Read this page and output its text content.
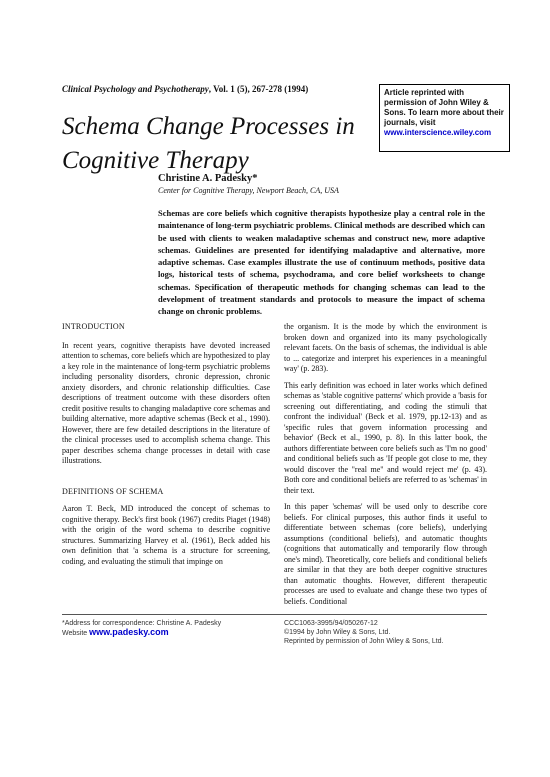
Clinical Psychology and Psychotherapy, Vol. 1 (5), 267-278 (1994)	Article reprinted with permission of John Wiley & Sons. To learn more about their journals, visit www.interscience.wiley.com
Schema Change Processes in Cognitive Therapy
Christine A. Padesky*
Center for Cognitive Therapy, Newport Beach, CA, USA
Schemas are core beliefs which cognitive therapists hypothesize play a central role in the maintenance of long-term psychiatric problems. Clinical methods are described which can be used with clients to weaken maladaptive schemas and construct new, more adaptive schemas. Guidelines are presented for identifying maladaptive and alternative, more adaptive schemas. Case examples illustrate the use of continuum methods, positive data logs, historical tests of schema, psychodrama, and core belief worksheets to change schemas. Specification of therapeutic methods for changing schemas can lead to the development of treatment standards and protocols to measure the impact of schema change on chronic problems.
INTRODUCTION

In recent years, cognitive therapists have devoted increased attention to schemas, core beliefs which are hypothesized to play a key role in the maintenance of long-term psychiatric problems including personality disorders, chronic depression, chronic anxiety disorders, and chronic relationship difficulties. Case descriptions of treatment outcome with these disorders often credit positive results to changing maladaptive core schemas and building alternative, more adaptive schemas (Beck et al., 1990). However, there are few detailed descriptions in the literature of the clinical processes used to accomplish schema change. This paper describes schema change processes in detail with case illustrations.

DEFINITIONS OF SCHEMA

Aaron T. Beck, MD introduced the concept of schemas to cognitive therapy. Beck's first book (1967) credits Piaget (1948) with the origin of the word schema to describe cognitive structures. Summarizing Harvey et al. (1961), Beck added his own definition that 'a schema is a structure for screening, coding, and evaluating the stimuli that impinge on

the organism. It is the mode by which the environment is broken down and organized into its many psychologically relevant facets. On the basis of schemas, the individual is able to ... categorize and interpret his experiences in a meaningful way' (p. 283).

This early definition was echoed in later works which defined schemas as 'stable cognitive patterns' which provide a 'basis for screening out differentiating, and coding the stimuli that confront the individual' (Beck et al. 1979, pp.12-13) and as 'specific rules that govern information processing and behavior' (Beck et al., 1990, p. 8). In this latter book, the authors differentiate between core beliefs such as 'I'm no good' and conditional beliefs such as 'If people got close to me, they would discover the "real me" and would reject me' (p. 43). Both core and conditional beliefs are referred to as 'schemas' in their text.

In this paper 'schemas' will be used only to describe core beliefs. For clinical purposes, this author finds it useful to differentiate between schemas (core beliefs), underlying assumptions (conditional beliefs), and automatic thoughts (cognitions that automatically and temporarily flow through one's mind). Theoretically, core beliefs and conditional beliefs are similar in that they are both deeper cognitive structures than automatic thoughts. However, different therapeutic processes are used to evaluate and change these two types of beliefs. Conditional

*Address for correspondence: Christine A. Padesky
Website www.padesky.com
CCC1063-3995/94/050267-12
©1994 by John Wiley & Sons, Ltd.
Reprinted by permission of John Wiley & Sons, Ltd.
